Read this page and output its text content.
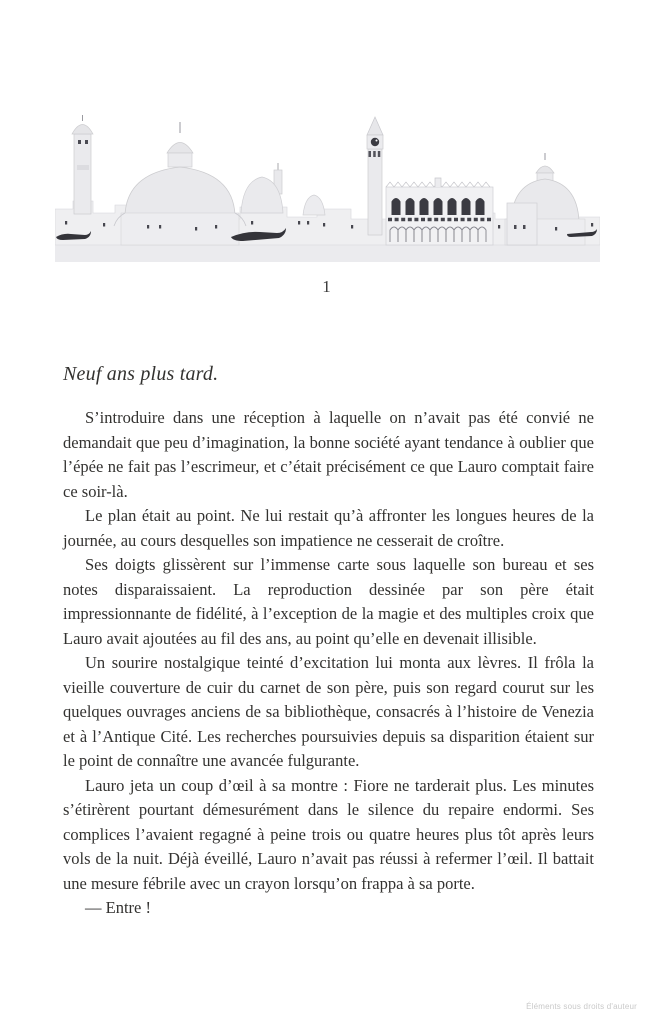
1
Neuf ans plus tard.

S’introduire dans une réception à laquelle on n’avait pas été convié ne demandait que peu d’imagination, la bonne société ayant tendance à oublier que l’épée ne fait pas l’escrimeur, et c’était précisément ce que Lauro comptait faire ce soir-là.

Le plan était au point. Ne lui restait qu’à affronter les longues heures de la journée, au cours desquelles son impatience ne cesserait de croître.

Ses doigts glissèrent sur l’immense carte sous laquelle son bureau et ses notes disparaissaient. La reproduction dessinée par son père était impressionnante de fidélité, à l’exception de la magie et des multiples croix que Lauro avait ajoutées au fil des ans, au point qu’elle en devenait illisible.

Un sourire nostalgique teinté d’excitation lui monta aux lèvres. Il frôla la vieille couverture de cuir du carnet de son père, puis son regard courut sur les quelques ouvrages anciens de sa bibliothèque, consacrés à l’histoire de Venezia et à l’Antique Cité. Les recherches poursuivies depuis sa disparition étaient sur le point de connaître une avancée fulgurante.

Lauro jeta un coup d’œil à sa montre : Fiore ne tarderait plus. Les minutes s’étirèrent pourtant démesurément dans le silence du repaire endormi. Ses complices l’avaient regagné à peine trois ou quatre heures plus tôt après leurs vols de la nuit. Déjà éveillé, Lauro n’avait pas réussi à refermer l’œil. Il battait une mesure fébrile avec un crayon lorsqu’on frappa à sa porte.

— Entre !

Éléments sous droits d'auteur
